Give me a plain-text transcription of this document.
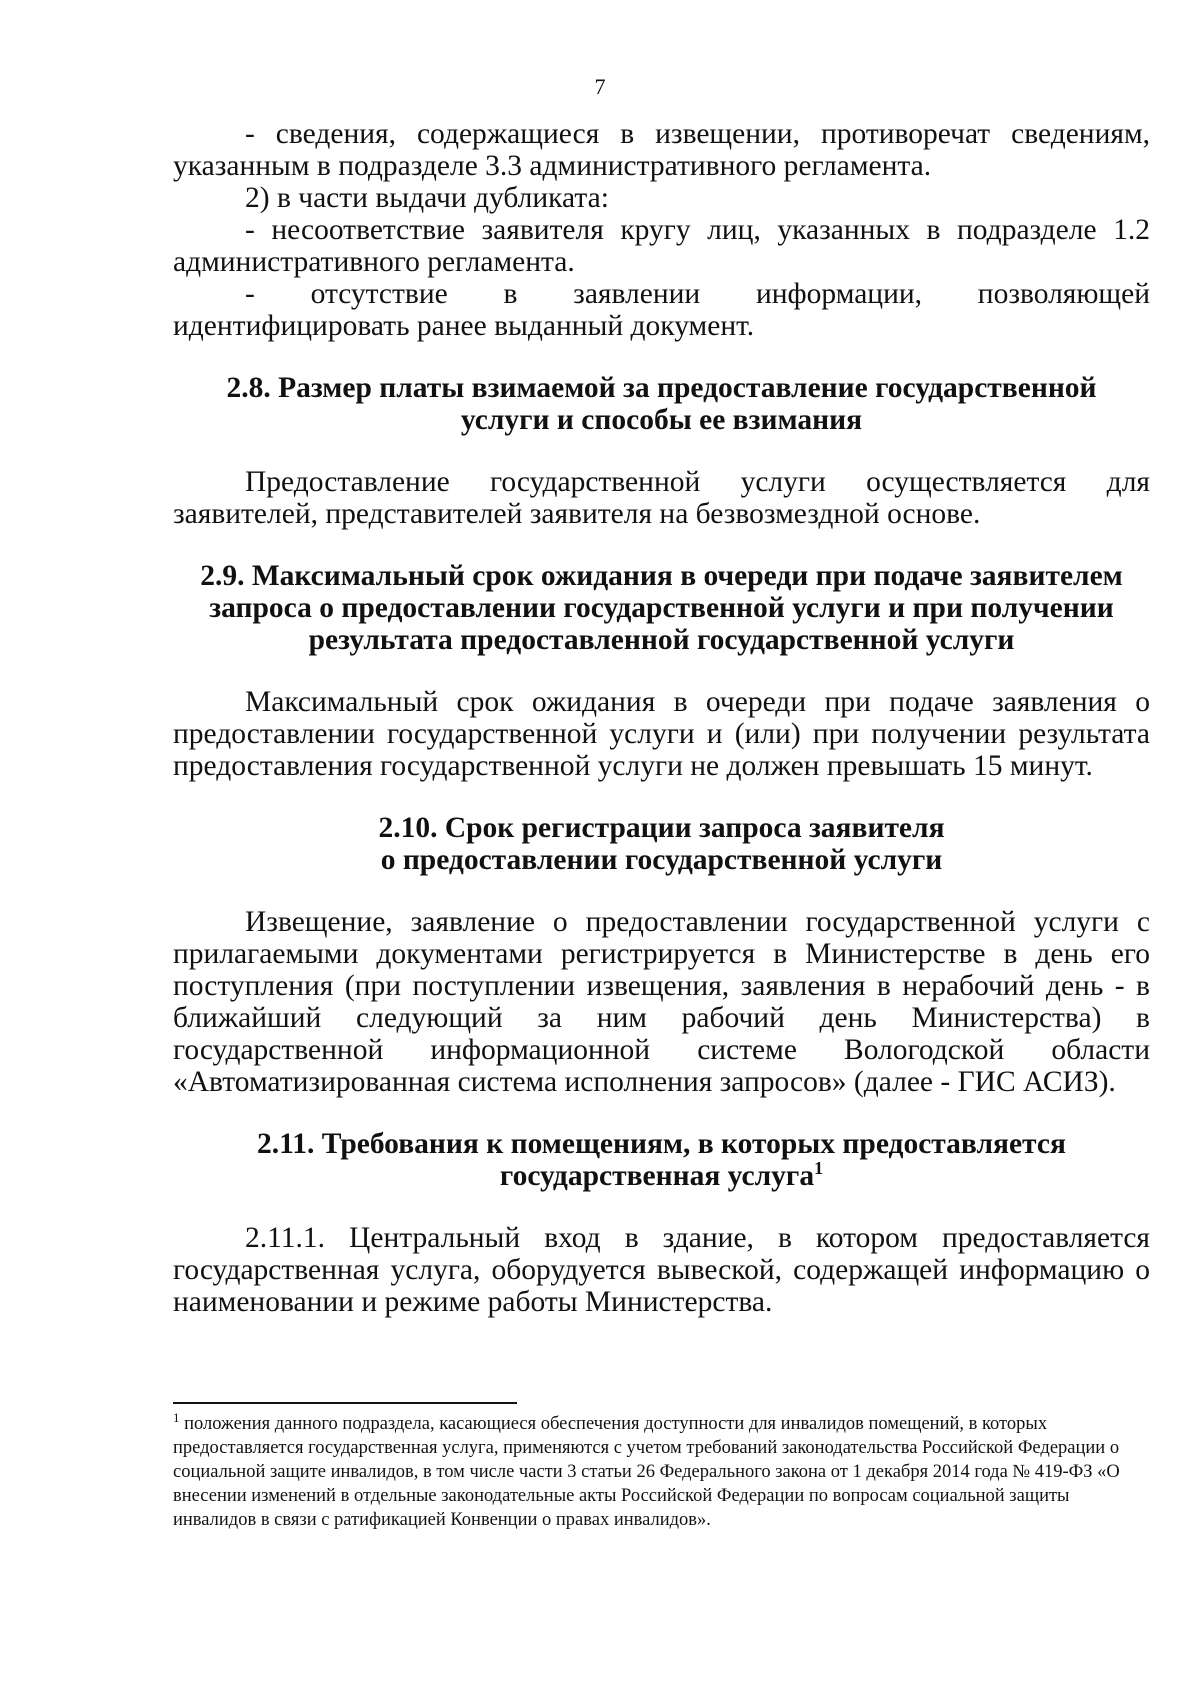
7

- сведения, содержащиеся в извещении, противоречат сведениям, указанным в подразделе 3.3 административного регламента.

2) в части выдачи дубликата:

- несоответствие заявителя кругу лиц, указанных в подразделе 1.2 административного регламента.

- отсутствие в заявлении информации, позволяющей идентифицировать ранее выданный документ.

2.8. Размер платы взимаемой за предоставление государственной
услуги и способы ее взимания

Предоставление государственной услуги осуществляется для заявителей, представителей заявителя на безвозмездной основе.

2.9. Максимальный срок ожидания в очереди при подаче заявителем
запроса о предоставлении государственной услуги и при получении
результата предоставленной государственной услуги

Максимальный срок ожидания в очереди при подаче заявления о предоставлении государственной услуги и (или) при получении результата предоставления государственной услуги не должен превышать 15 минут.

2.10. Срок регистрации запроса заявителя
о предоставлении государственной услуги

Извещение, заявление о предоставлении государственной услуги с прилагаемыми документами регистрируется в Министерстве в день его поступления (при поступлении извещения, заявления в нерабочий день - в ближайший следующий за ним рабочий день Министерства) в государственной информационной системе Вологодской области «Автоматизированная система исполнения запросов» (далее - ГИС АСИЗ).

2.11. Требования к помещениям, в которых предоставляется
государственная услуга$^1$

2.11.1. Центральный вход в здание, в котором предоставляется государственная услуга, оборудуется вывеской, содержащей информацию о наименовании и режиме работы Министерства.

$^1$ положения данного подраздела, касающиеся обеспечения доступности для инвалидов помещений, в которых предоставляется государственная услуга, применяются с учетом требований законодательства Российской Федерации о социальной защите инвалидов, в том числе части 3 статьи 26 Федерального закона от 1 декабря 2014 года № 419-ФЗ «О внесении изменений в отдельные законодательные акты Российской Федерации по вопросам социальной защиты инвалидов в связи с ратификацией Конвенции о правах инвалидов».
